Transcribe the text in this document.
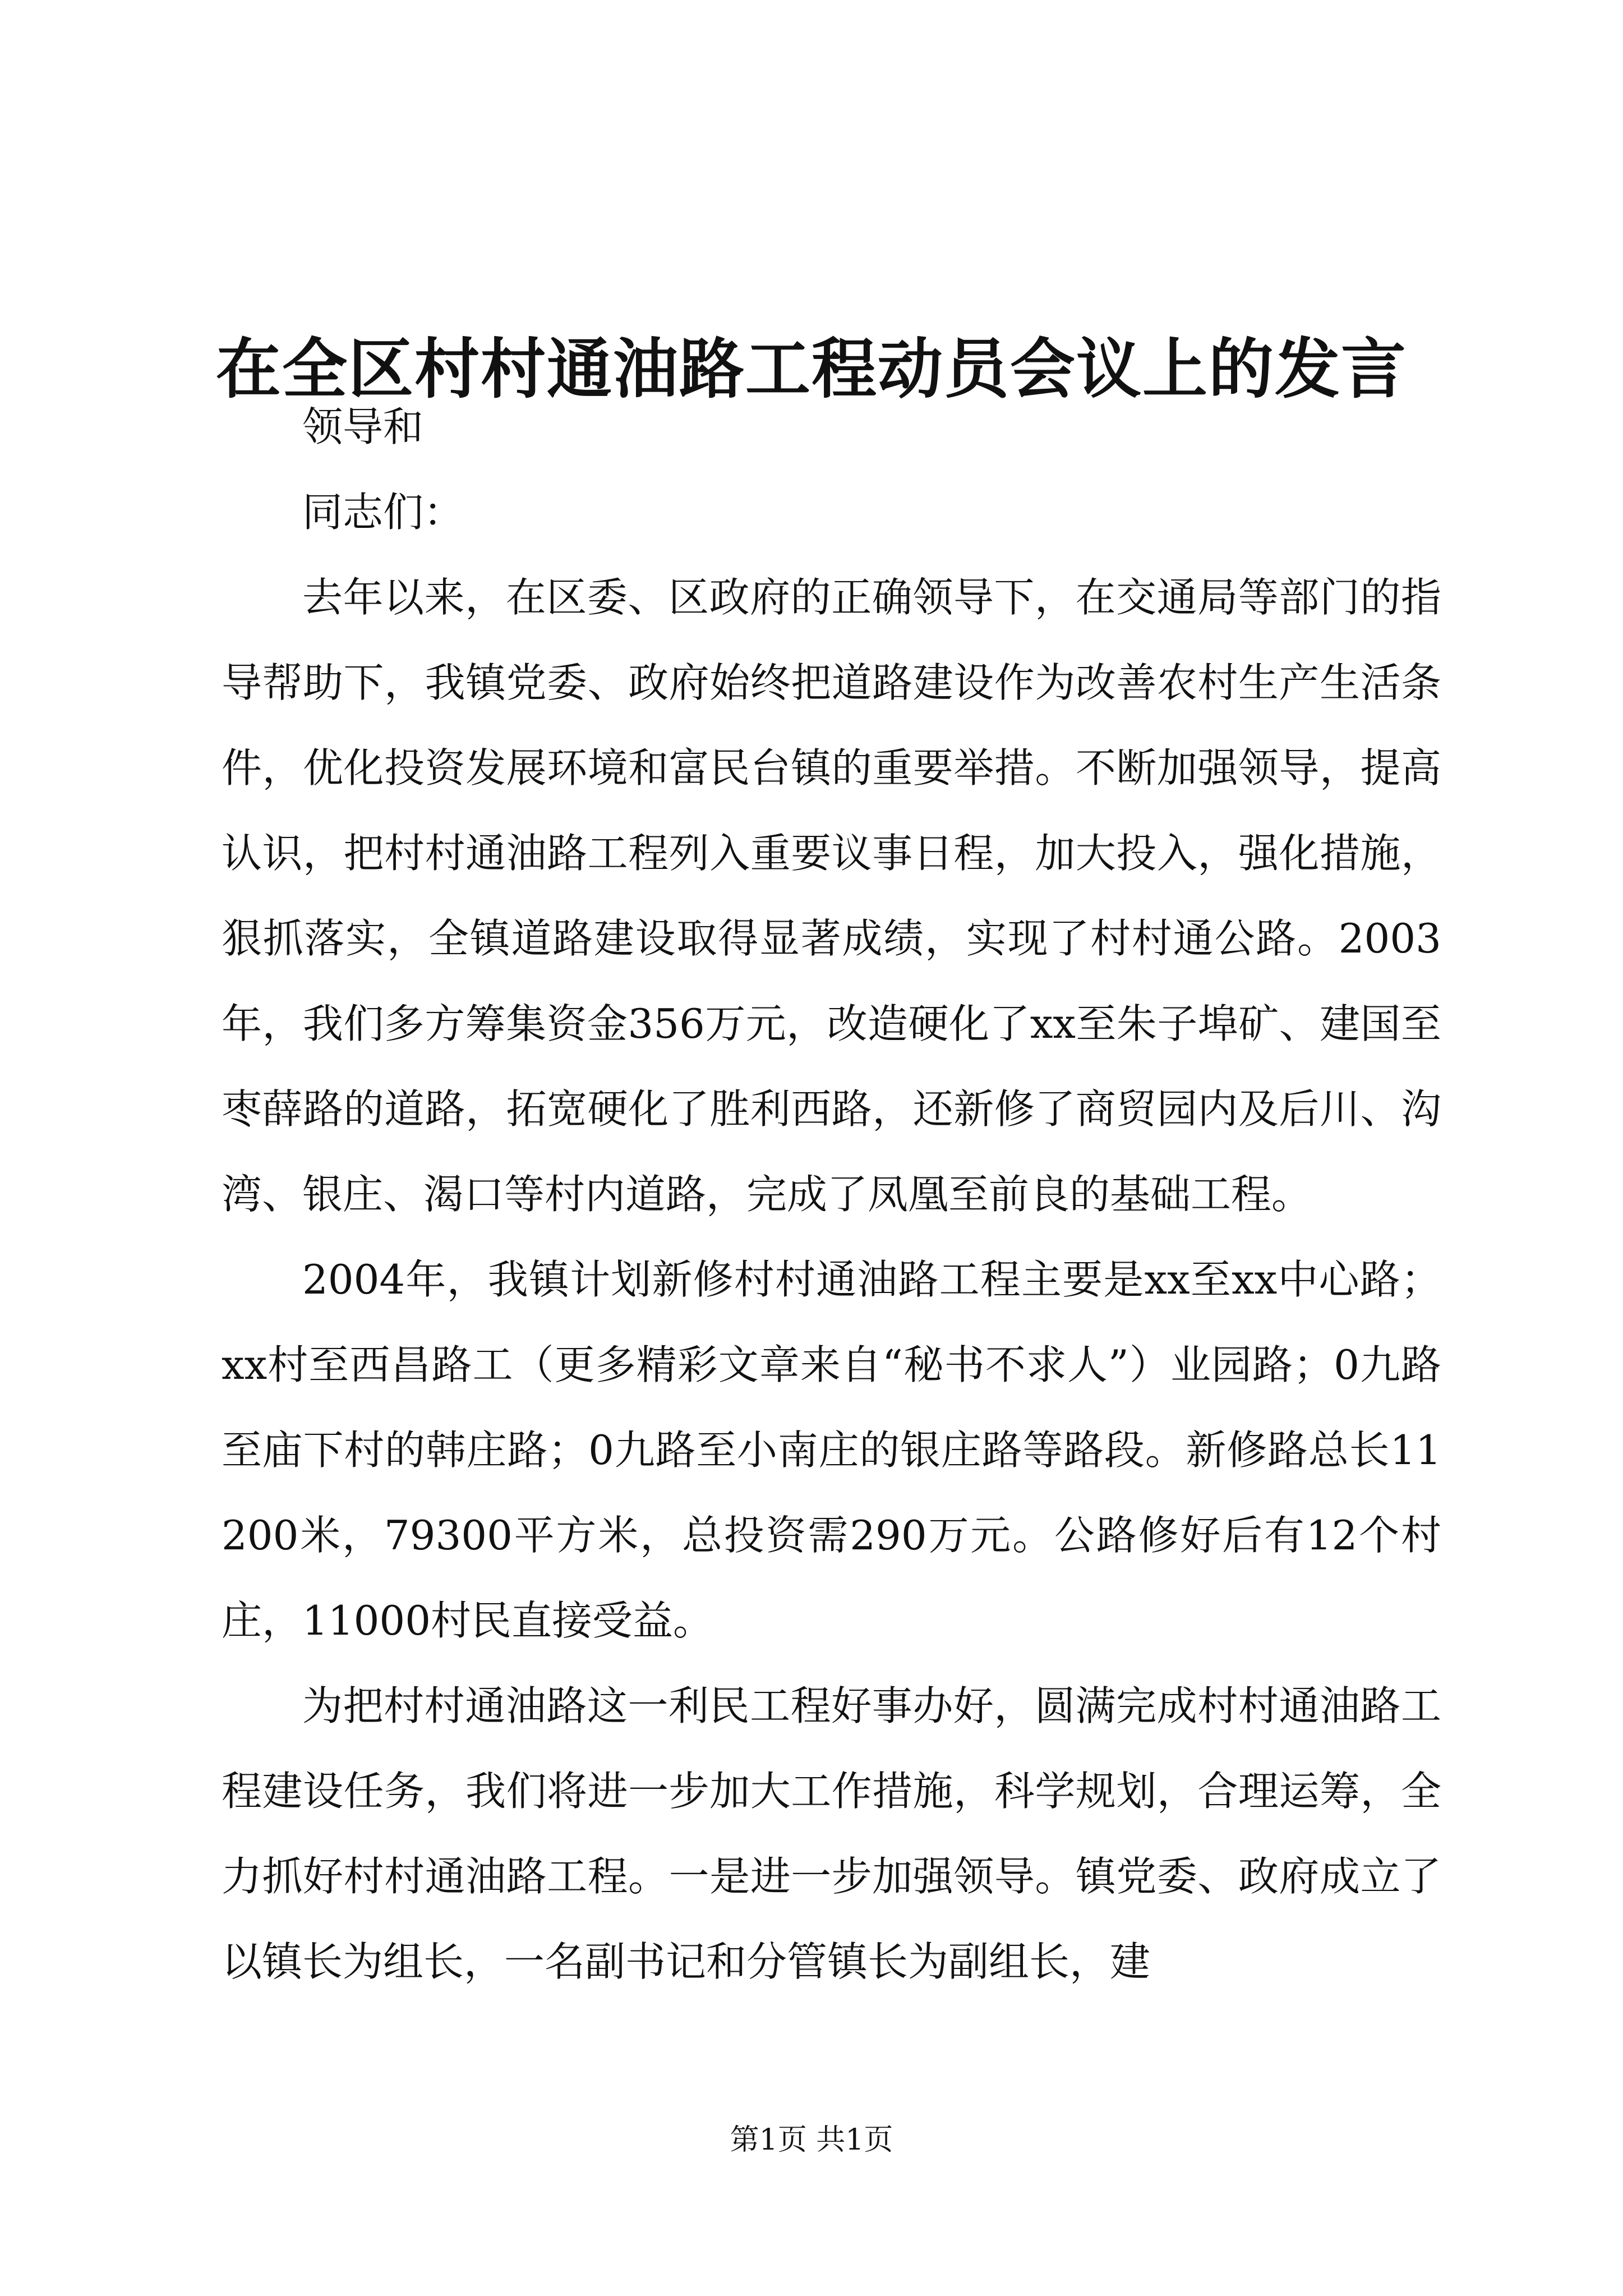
在全区村村通油路工程动员会议上的发言

领导和

同志们：

去年以来，在区委、区政府的正确领导下，在交通局等部门的指导帮助下，我镇党委、政府始终把道路建设作为改善农村生产生活条件，优化投资发展环境和富民台镇的重要举措。不断加强领导，提高认识，把村村通油路工程列入重要议事日程，加大投入，强化措施，狠抓落实，全镇道路建设取得显著成绩，实现了村村通公路。2003年，我们多方筹集资金356万元，改造硬化了xx至朱子埠矿、建国至枣薛路的道路，拓宽硬化了胜利西路，还新修了商贸园内及后川、沟湾、银庄、渴口等村内道路，完成了凤凰至前良的基础工程。

2004年，我镇计划新修村村通油路工程主要是xx至xx中心路；xx村至西昌路工（更多精彩文章来自“秘书不求人”）业园路；0九路至庙下村的韩庄路；0九路至小南庄的银庄路等路段。新修路总长11200米，79300平方米，总投资需290万元。公路修好后有12个村庄，11000村民直接受益。

为把村村通油路这一利民工程好事办好，圆满完成村村通油路工程建设任务，我们将进一步加大工作措施，科学规划，合理运筹，全力抓好村村通油路工程。一是进一步加强领导。镇党委、政府成立了以镇长为组长，一名副书记和分管镇长为副组长，建

第1页 共1页
